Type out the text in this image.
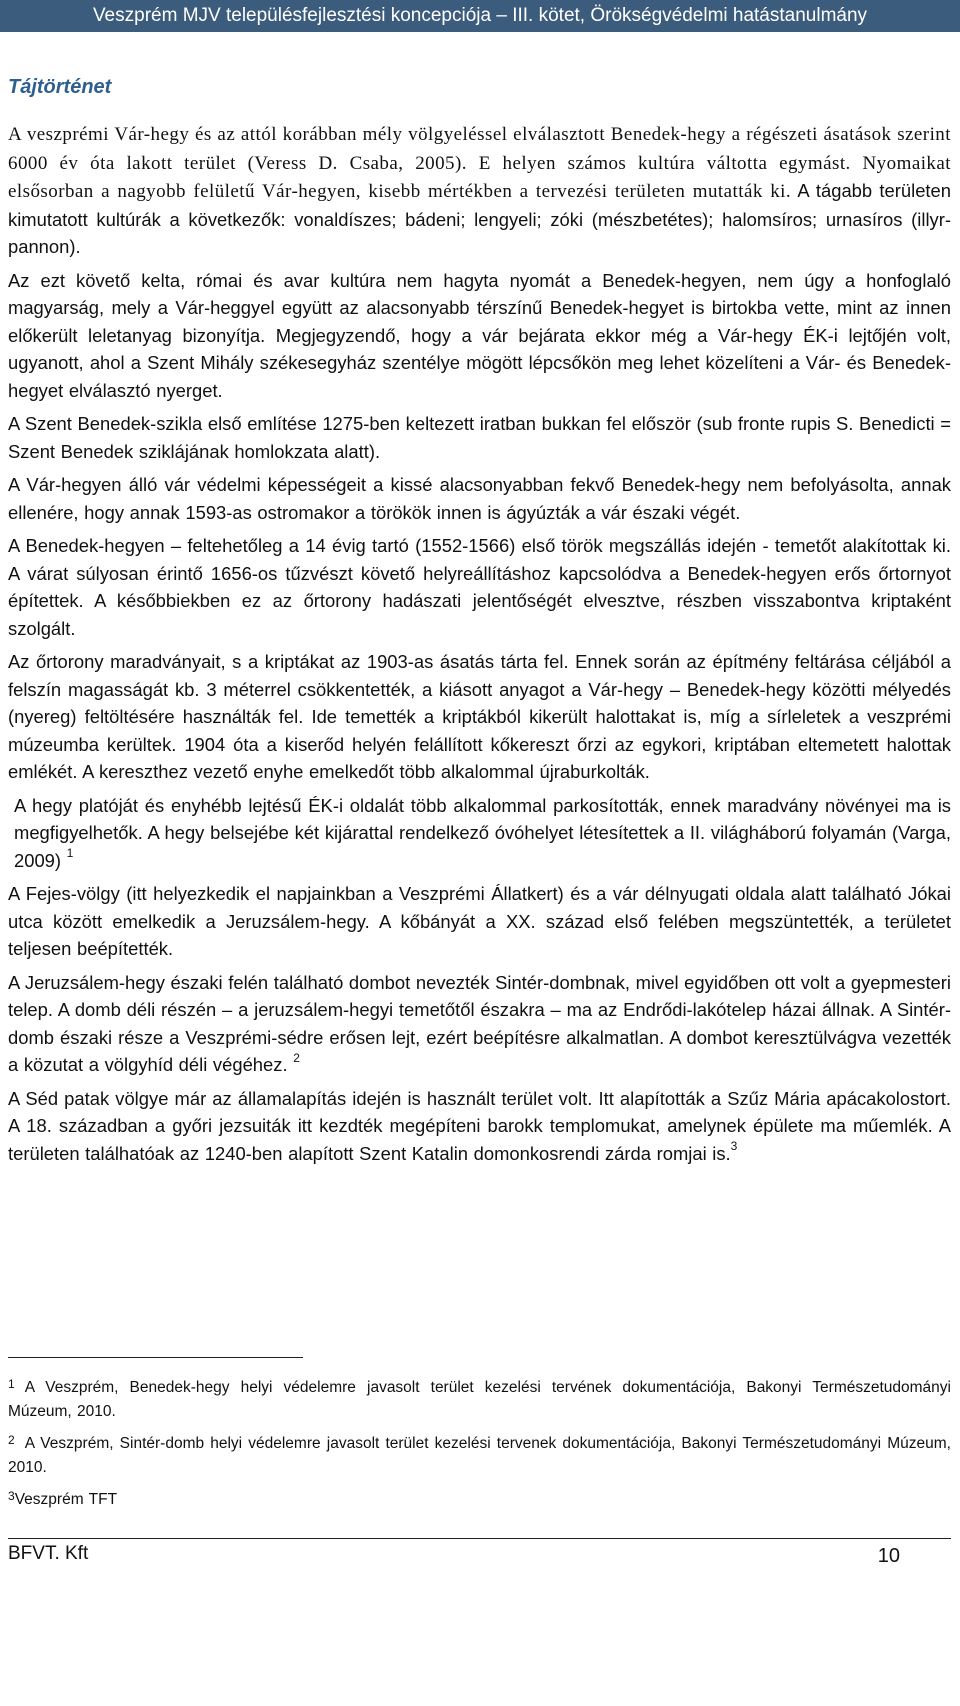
Veszprém MJV településfejlesztési koncepciója – III. kötet, Örökségvédelmi hatástanulmány
Tájtörténet

A veszprémi Vár-hegy és az attól korábban mély völgyeléssel elválasztott Benedek-hegy a régészeti ásatások szerint 6000 év óta lakott terület (Veress D. Csaba, 2005). E helyen számos kultúra váltotta egymást. Nyomaikat elsősorban a nagyobb felületű Vár-hegyen, kisebb mértékben a tervezési területen mutatták ki. A tágabb területen kimutatott kultúrák a következők: vonaldíszes; bádeni; lengyeli; zóki (mészbetétes); halomsíros; urnasíros (illyr-pannon).

Az ezt követő kelta, római és avar kultúra nem hagyta nyomát a Benedek-hegyen, nem úgy a honfoglaló magyarság, mely a Vár-heggyel együtt az alacsonyabb térszínű Benedek-hegyet is birtokba vette, mint az innen előkerült leletanyag bizonyítja. Megjegyzendő, hogy a vár bejárata ekkor még a Vár-hegy ÉK-i lejtőjén volt, ugyanott, ahol a Szent Mihály székesegyház szentélye mögött lépcsőkön meg lehet közelíteni a Vár- és Benedek-hegyet elválasztó nyerget.

A Szent Benedek-szikla első említése 1275-ben keltezett iratban bukkan fel először (sub fronte rupis S. Benedicti = Szent Benedek sziklájának homlokzata alatt).

A Vár-hegyen álló vár védelmi képességeit a kissé alacsonyabban fekvő Benedek-hegy nem befolyásolta, annak ellenére, hogy annak 1593-as ostromakor a törökök innen is ágyúzták a vár északi végét.

A Benedek-hegyen – feltehetőleg a 14 évig tartó (1552-1566) első török megszállás idején - temetőt alakítottak ki. A várat súlyosan érintő 1656-os tűzvészt követő helyreállításhoz kapcsolódva a Benedek-hegyen erős őrtornyot építettek. A későbbiekben ez az őrtorony hadászati jelentőségét elvesztve, részben visszabontva kriptaként szolgált.

Az őrtorony maradványait, s a kriptákat az 1903-as ásatás tárta fel. Ennek során az építmény feltárása céljából a felszín magasságát kb. 3 méterrel csökkentették, a kiásott anyagot a Vár-hegy – Benedek-hegy közötti mélyedés (nyereg) feltöltésére használták fel. Ide temették a kriptákból kikerült halottakat is, míg a sírleletek a veszprémi múzeumba kerültek. 1904 óta a kiserőd helyén felállított kőkereszt őrzi az egykori, kriptában eltemetett halottak emlékét. A kereszthez vezető enyhe emelkedőt több alkalommal újraburkolták.

A hegy platóját és enyhébb lejtésű ÉK-i oldalát több alkalommal parkosították, ennek maradvány növényei ma is megfigyelhetők. A hegy belsejébe két kijárattal rendelkező óvóhelyet létesítettek a II. világháború folyamán (Varga, 2009) $^1$

A Fejes-völgy (itt helyezkedik el napjainkban a Veszprémi Állatkert) és a vár délnyugati oldala alatt található Jókai utca között emelkedik a Jeruzsálem-hegy. A kőbányát a XX. század első felében megszüntették, a területet teljesen beépítették.

A Jeruzsálem-hegy északi felén található dombot nevezték Sintér-dombnak, mivel egyidőben ott volt a gyepmesteri telep. A domb déli részén – a jeruzsálem-hegyi temetőtől északra – ma az Endrődi-lakótelep házai állnak. A Sintér-domb északi része a Veszprémi-sédre erősen lejt, ezért beépítésre alkalmatlan. A dombot keresztülvágva vezették a közutat a völgyhíd déli végéhez. $^2$

A Séd patak völgye már az államalapítás idején is használt terület volt. Itt alapították a Szűz Mária apácakolostort. A 18. században a győri jezsuiták itt kezdték megépíteni barokk templomukat, amelynek épülete ma műemlék. A területen találhatóak az 1240-ben alapított Szent Katalin domonkosrendi zárda romjai is.$^3$

$^1$ A Veszprém, Benedek-hegy helyi védelemre javasolt terület kezelési tervének dokumentációja, Bakonyi Természetudományi Múzeum, 2010.

$^2$ A Veszprém, Sintér-domb helyi védelemre javasolt terület kezelési tervenek dokumentációja, Bakonyi Természetudományi Múzeum, 2010.

$^3$Veszprém TFT

BFVT. Kft	10
